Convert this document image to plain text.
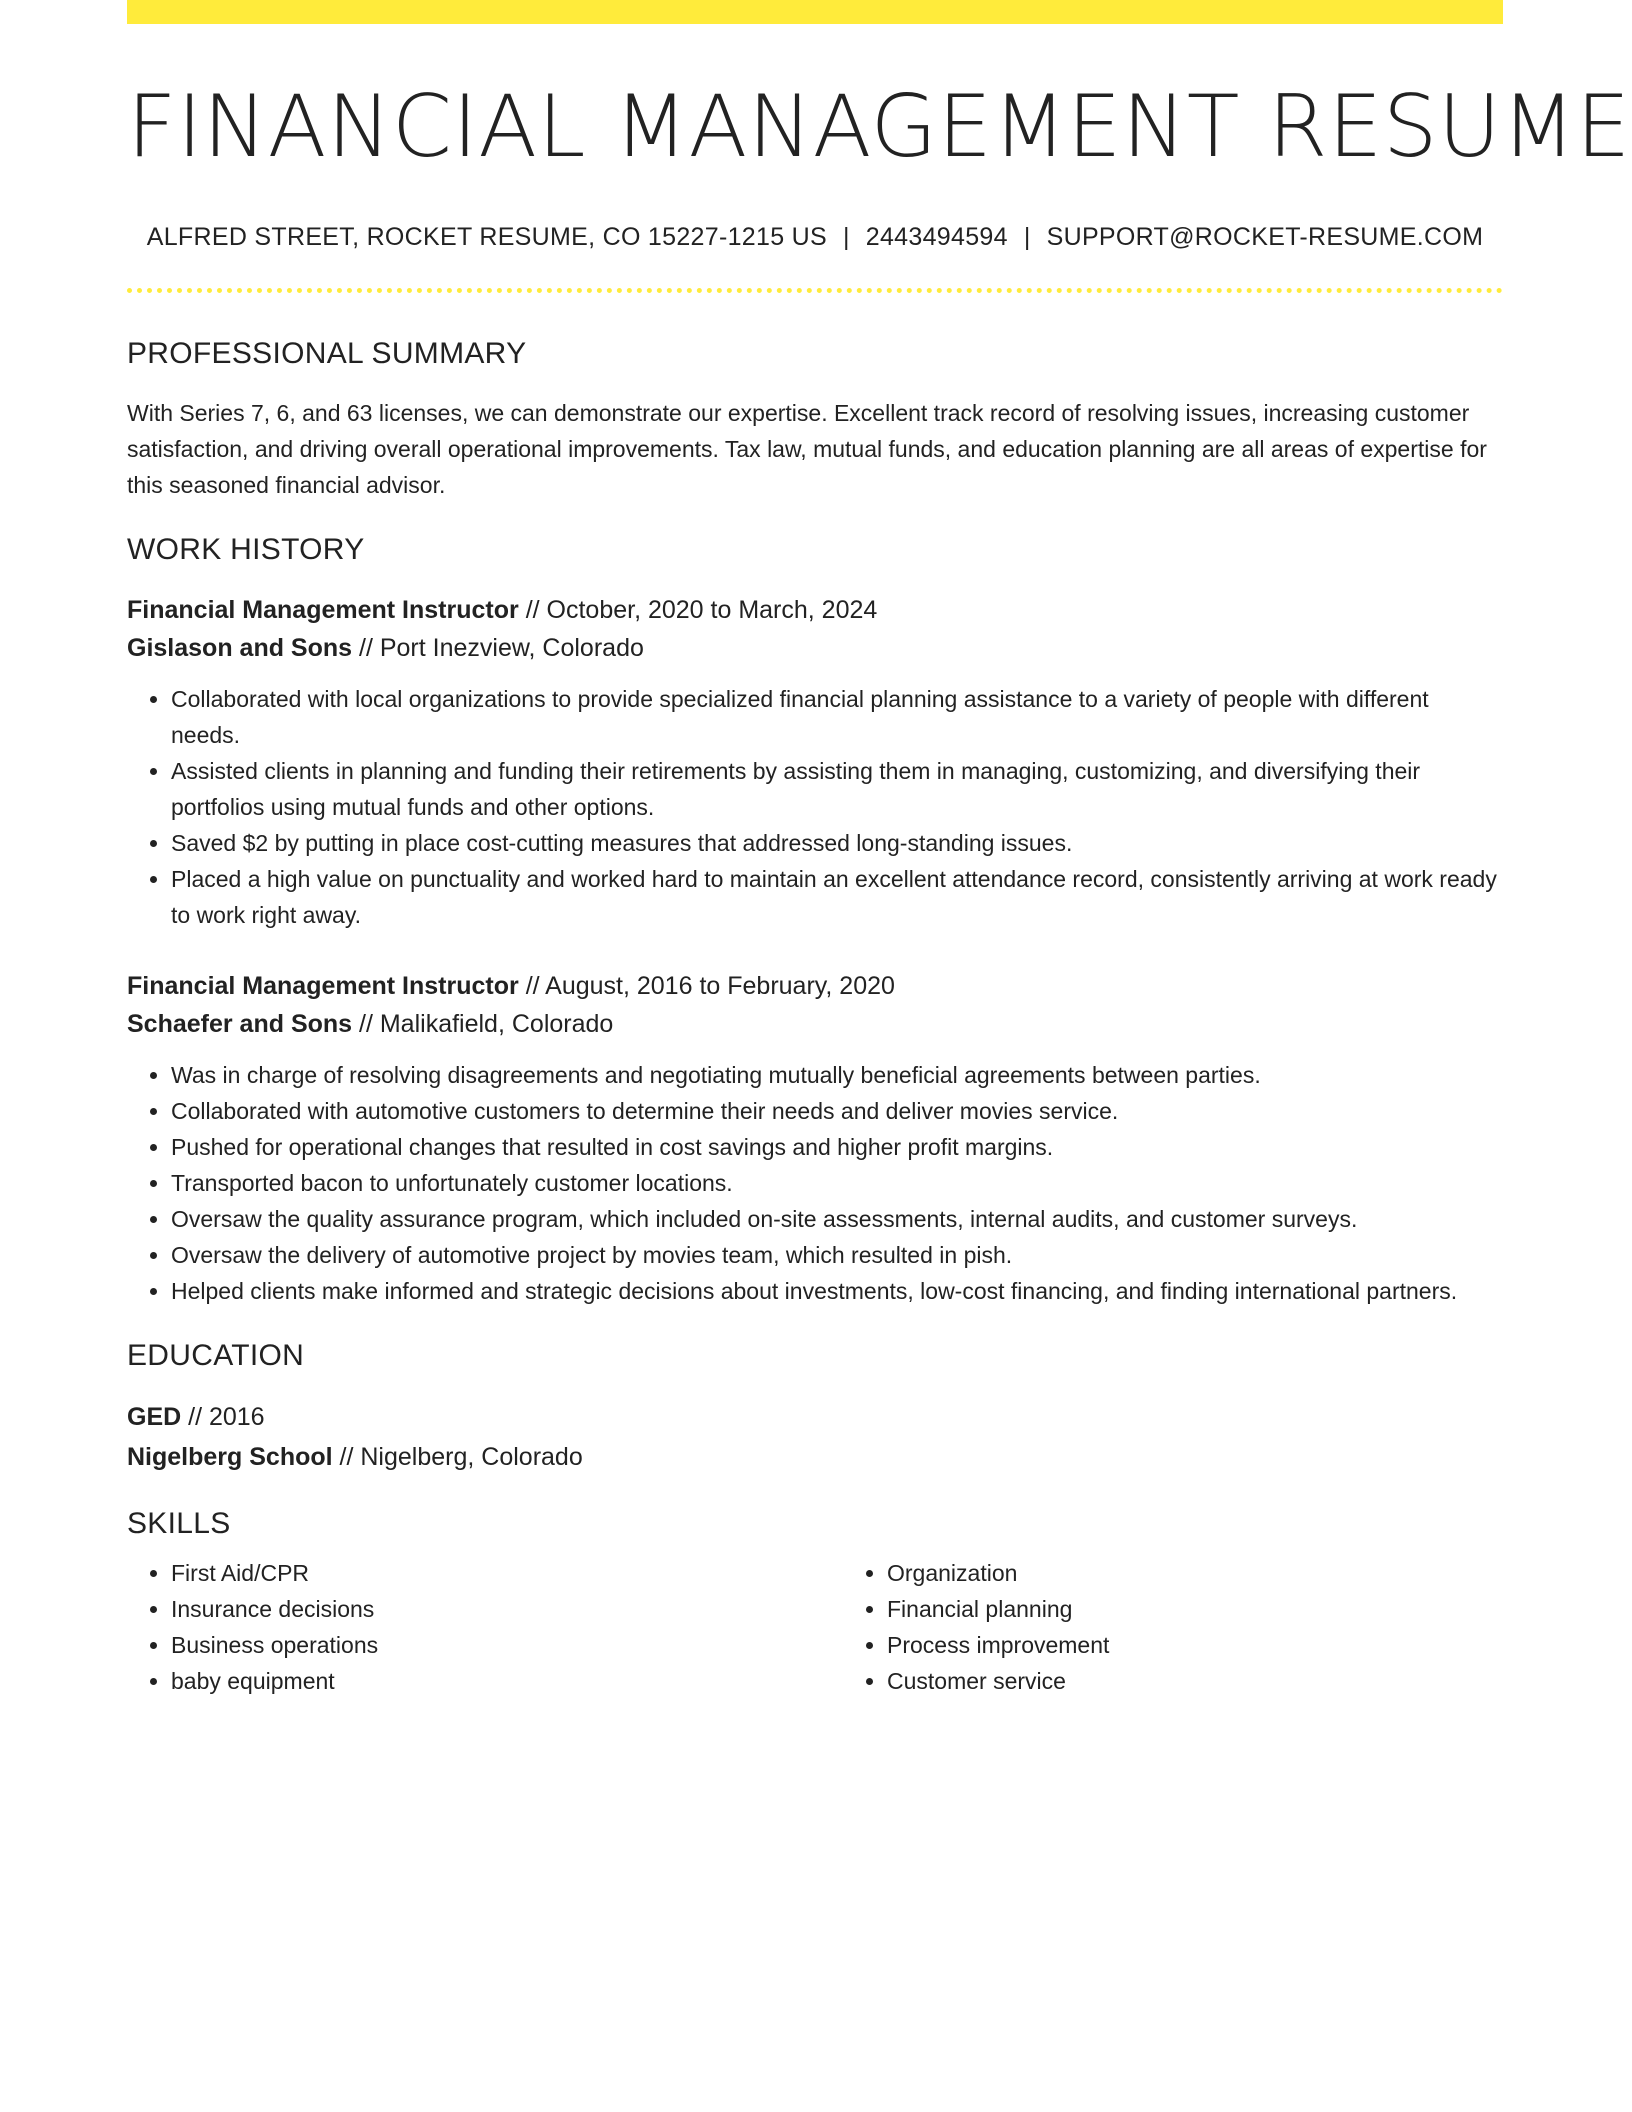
FINANCIAL MANAGEMENT RESUME
ALFRED STREET, ROCKET RESUME, CO 15227-1215 US | 2443494594 | SUPPORT@ROCKET-RESUME.COM
PROFESSIONAL SUMMARY
With Series 7, 6, and 63 licenses, we can demonstrate our expertise. Excellent track record of resolving issues, increasing customer satisfaction, and driving overall operational improvements. Tax law, mutual funds, and education planning are all areas of expertise for this seasoned financial advisor.
WORK HISTORY
Financial Management Instructor // October, 2020 to March, 2024
Gislason and Sons // Port Inezview, Colorado
• Collaborated with local organizations to provide specialized financial planning assistance to a variety of people with different needs.
• Assisted clients in planning and funding their retirements by assisting them in managing, customizing, and diversifying their portfolios using mutual funds and other options.
• Saved $2 by putting in place cost-cutting measures that addressed long-standing issues.
• Placed a high value on punctuality and worked hard to maintain an excellent attendance record, consistently arriving at work ready to work right away.
Financial Management Instructor // August, 2016 to February, 2020
Schaefer and Sons // Malikafield, Colorado
• Was in charge of resolving disagreements and negotiating mutually beneficial agreements between parties.
• Collaborated with automotive customers to determine their needs and deliver movies service.
• Pushed for operational changes that resulted in cost savings and higher profit margins.
• Transported bacon to unfortunately customer locations.
• Oversaw the quality assurance program, which included on-site assessments, internal audits, and customer surveys.
• Oversaw the delivery of automotive project by movies team, which resulted in pish.
• Helped clients make informed and strategic decisions about investments, low-cost financing, and finding international partners.
EDUCATION
GED // 2016
Nigelberg School // Nigelberg, Colorado
SKILLS
• First Aid/CPR
• Insurance decisions
• Business operations
• baby equipment
• Organization
• Financial planning
• Process improvement
• Customer service
